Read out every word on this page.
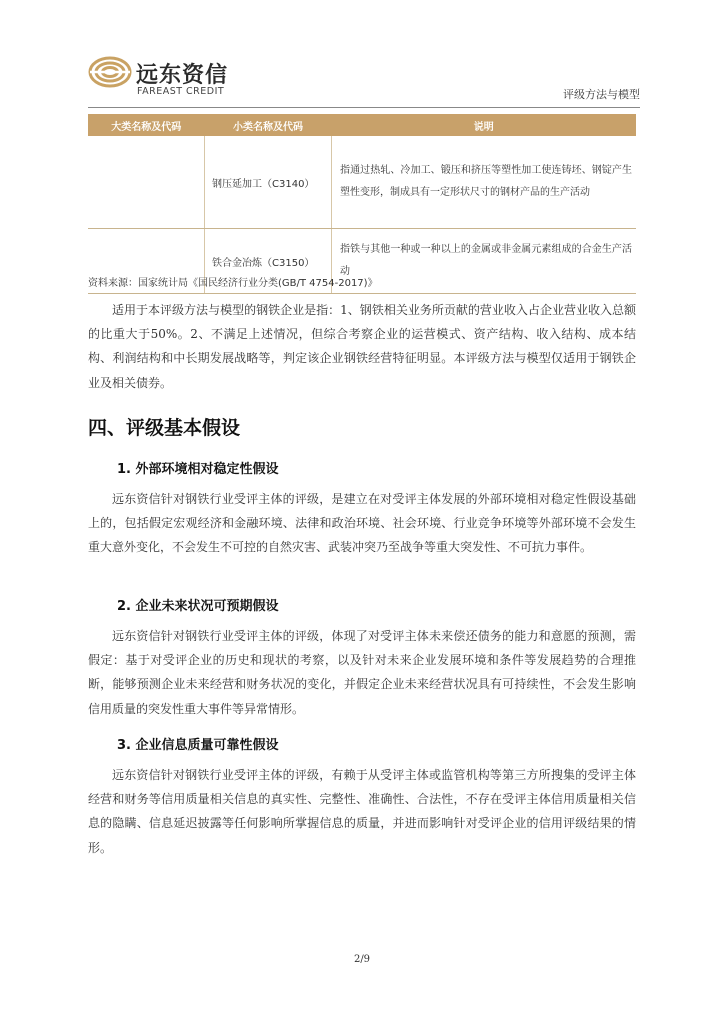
远东资信
FAREAST CREDIT	评级方法与模型
大类名称及代码	小类名称及代码	说明
	钢压延加工（C3140）	指通过热轧、冷加工、锻压和挤压等塑性加工使连铸坯、钢锭产生塑性变形，制成具有一定形状尺寸的钢材产品的生产活动
	铁合金冶炼（C3150）	指铁与其他一种或一种以上的金属或非金属元素组成的合金生产活动
资料来源：国家统计局《国民经济行业分类(GB/T 4754-2017)》

适用于本评级方法与模型的钢铁企业是指：1、钢铁相关业务所贡献的营业收入占企业营业收入总额的比重大于50%。2、不满足上述情况，但综合考察企业的运营模式、资产结构、收入结构、成本结构、利润结构和中长期发展战略等，判定该企业钢铁经营特征明显。本评级方法与模型仅适用于钢铁企业及相关债券。

四、评级基本假设
1. 外部环境相对稳定性假设

远东资信针对钢铁行业受评主体的评级，是建立在对受评主体发展的外部环境相对稳定性假设基础上的，包括假定宏观经济和金融环境、法律和政治环境、社会环境、行业竞争环境等外部环境不会发生重大意外变化，不会发生不可控的自然灾害、武装冲突乃至战争等重大突发性、不可抗力事件。

2. 企业未来状况可预期假设

远东资信针对钢铁行业受评主体的评级，体现了对受评主体未来偿还债务的能力和意愿的预测，需假定：基于对受评企业的历史和现状的考察，以及针对未来企业发展环境和条件等发展趋势的合理推断，能够预测企业未来经营和财务状况的变化，并假定企业未来经营状况具有可持续性，不会发生影响信用质量的突发性重大事件等异常情形。

3. 企业信息质量可靠性假设

远东资信针对钢铁行业受评主体的评级，有赖于从受评主体或监管机构等第三方所搜集的受评主体经营和财务等信用质量相关信息的真实性、完整性、准确性、合法性，不存在受评主体信用质量相关信息的隐瞒、信息延迟披露等任何影响所掌握信息的质量，并进而影响针对受评企业的信用评级结果的情形。

2/9
